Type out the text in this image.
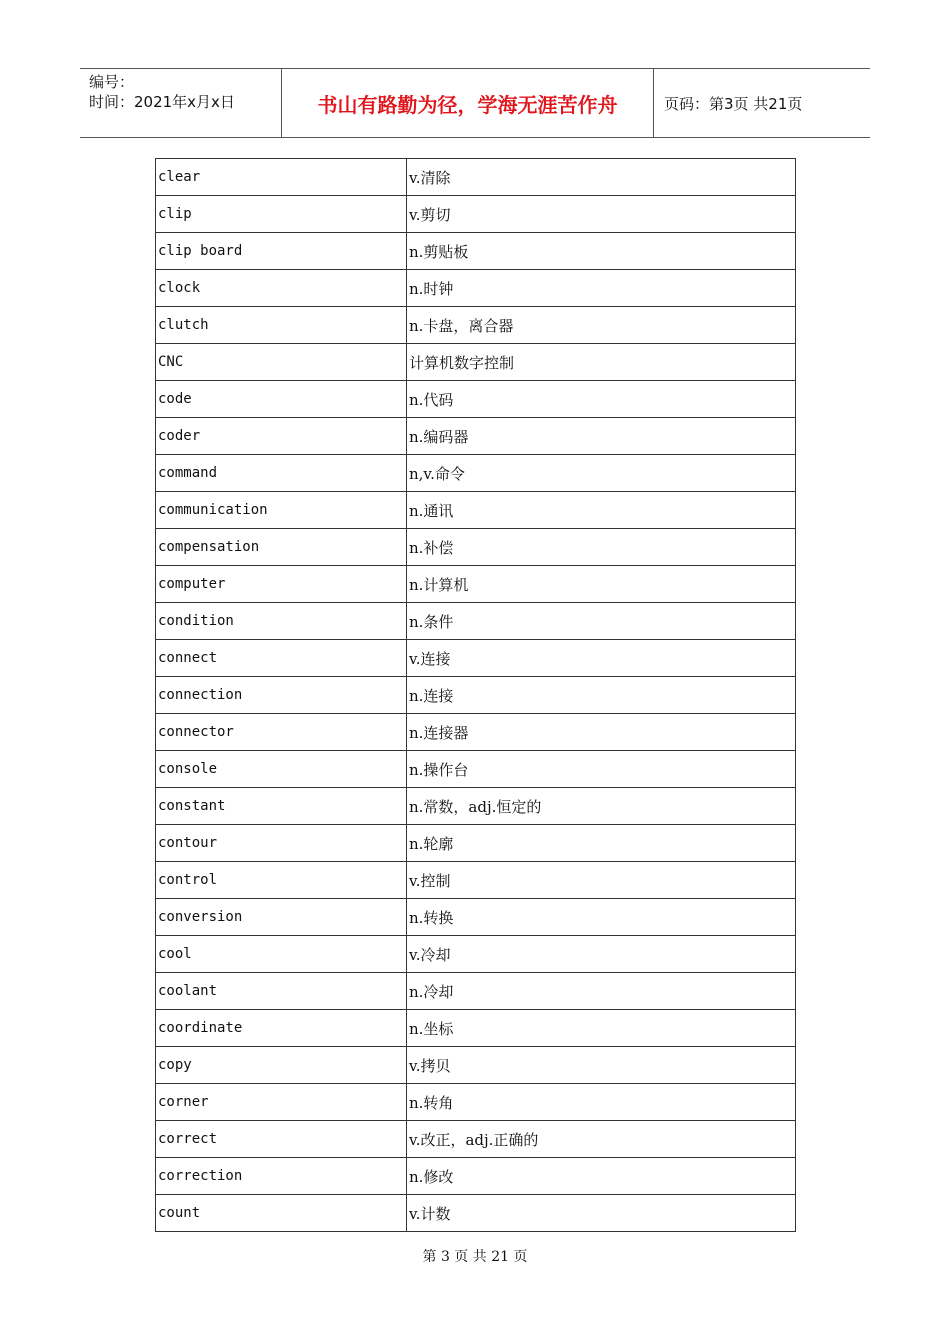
编号：
时间：2021年x月x日	书山有路勤为径，学海无涯苦作舟	页码：第3页 共21页
clear	v.清除
clip	v.剪切
clip board	n.剪贴板
clock	n.时钟
clutch	n.卡盘，离合器
CNC	计算机数字控制
code	n.代码
coder	n.编码器
command	n,v.命令
communication	n.通讯
compensation	n.补偿
computer	n.计算机
condition	n.条件
connect	v.连接
connection	n.连接
connector	n.连接器
console	n.操作台
constant	n.常数，adj.恒定的
contour	n.轮廓
control	v.控制
conversion	n.转换
cool	v.冷却
coolant	n.冷却
coordinate	n.坐标
copy	v.拷贝
corner	n.转角
correct	v.改正，adj.正确的
correction	n.修改
count	v.计数
第 3 页 共 21 页
